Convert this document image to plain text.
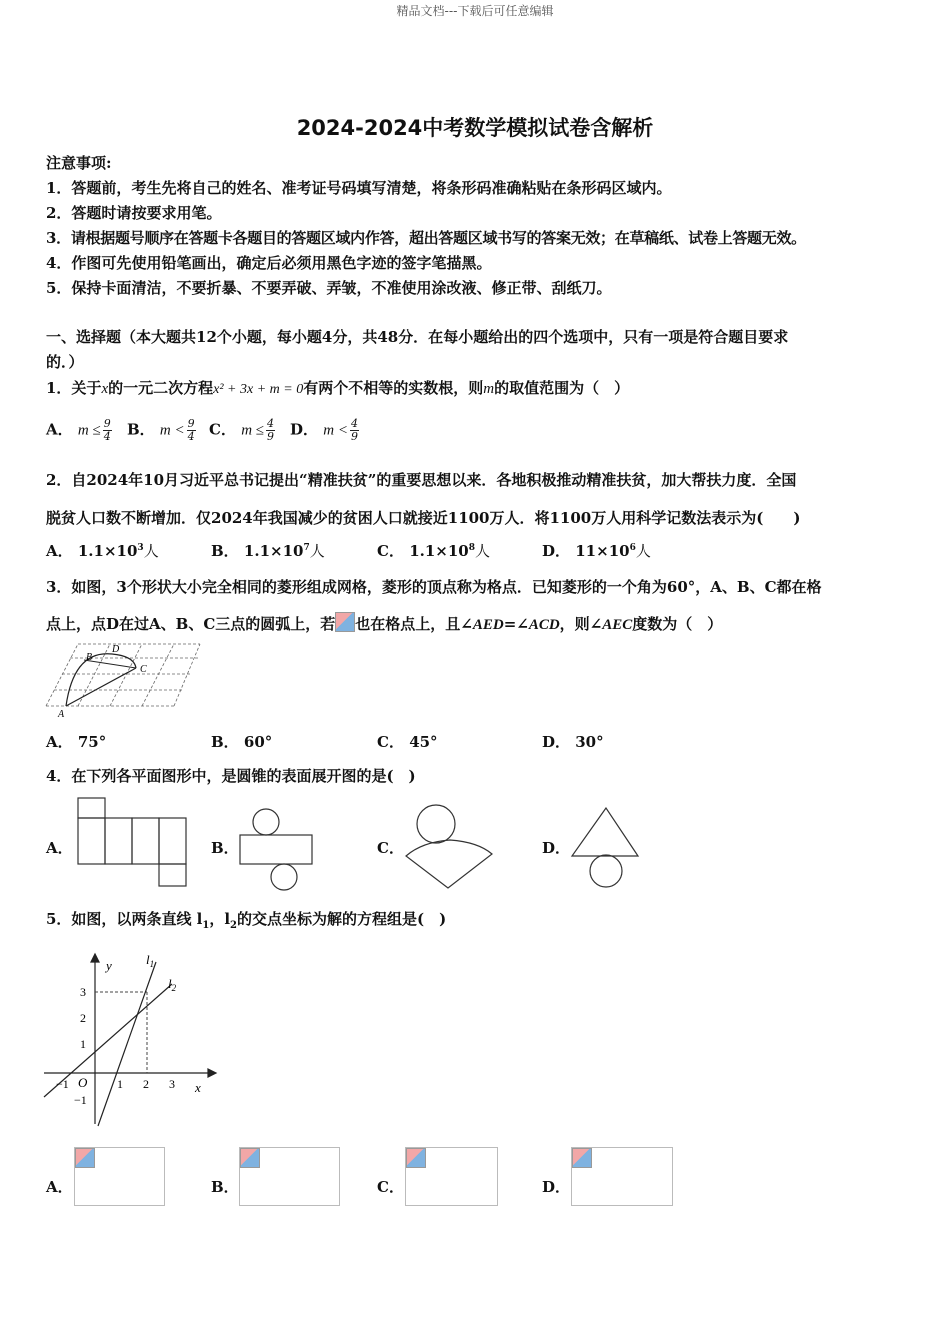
精品文档---下载后可任意编辑
2024-2024中考数学模拟试卷含解析
注意事项:
1．答题前，考生先将自己的姓名、准考证号码填写清楚，将条形码准确粘贴在条形码区域内。
2．答题时请按要求用笔。
3．请根据题号顺序在答题卡各题目的答题区域内作答，超出答题区域书写的答案无效；在草稿纸、试卷上答题无效。
4．作图可先使用铅笔画出，确定后必须用黑色字迹的签字笔描黑。
5．保持卡面清洁，不要折暴、不要弄破、弄皱，不准使用涂改液、修正带、刮纸刀。
一、选择题（本大题共12个小题，每小题4分，共48分．在每小题给出的四个选项中，只有一项是符合题目要求
的．）
1．关于x的一元二次方程x² + 3x + m = 0有两个不相等的实数根，则m的取值范围为（　）
A． $m \le \frac{9}{4}$ B． $m < \frac{9}{4}$ C． $m \le \frac{4}{9}$ D． $m < \frac{4}{9}$
2．自2024年10月习近平总书记提出“精准扶贫”的重要思想以来．各地积极推动精准扶贫，加大帮扶力度．全国
脱贫人口数不断增加．仅2024年我国减少的贫困人口就接近1100万人．将1100万人用科学记数法表示为(　　)
A． $1.1\times 10^3$人	B． $1.1\times 10^7$人	C． $1.1\times 10^8$人	D． $11\times 10^6$人
3．如图，3个形状大小完全相同的菱形组成网格，菱形的顶点称为格点．已知菱形的一个角为60°，A、B、C都在格
点上，点D在过A、B、C三点的圆弧上，若 也在格点上，且∠AED=∠ACD，则∠AEC度数为（　）
A
B
C
D
A． 75°	B． 60°	C． 45°	D． 30°
4．在下列各平面图形中，是圆锥的表面展开图的是(　)
A．	B．	C．	D．
5．如图，以两条直线 $l_1$，$l_2$的交点坐标为解的方程组是(　)
y
x
$l_1$
$l_2$
O
−1	1 2 3
3
2
1
−1
A．	B．	C．	D．
